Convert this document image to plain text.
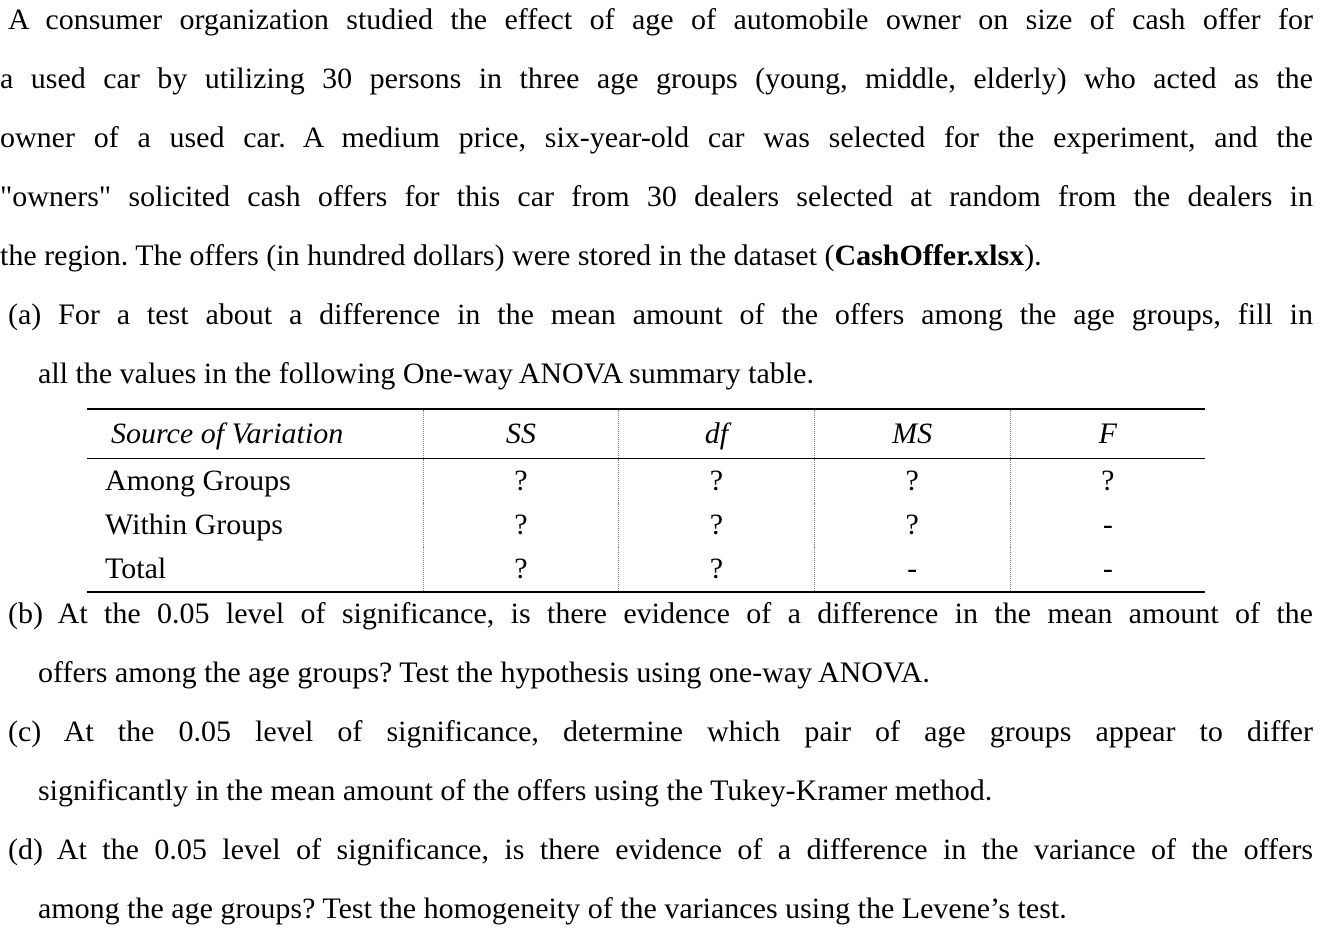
A consumer organization studied the effect of age of automobile owner on size of cash offer for
a used car by utilizing 30 persons in three age groups (young, middle, elderly) who acted as the
owner of a used car. A medium price, six-year-old car was selected for the experiment, and the
"owners" solicited cash offers for this car from 30 dealers selected at random from the dealers in
the region. The offers (in hundred dollars) were stored in the dataset (CashOffer.xlsx).
(a) For a test about a difference in the mean amount of the offers among the age groups, fill in
all the values in the following One-way ANOVA summary table.
Source of Variation	SS	df	MS	F
Among Groups	?	?	?	?
Within Groups	?	?	?	-
Total	?	?	-	-
(b) At the 0.05 level of significance, is there evidence of a difference in the mean amount of the
offers among the age groups? Test the hypothesis using one-way ANOVA.
(c) At the 0.05 level of significance, determine which pair of age groups appear to differ
significantly in the mean amount of the offers using the Tukey-Kramer method.
(d) At the 0.05 level of significance, is there evidence of a difference in the variance of the offers
among the age groups? Test the homogeneity of the variances using the Levene’s test.
